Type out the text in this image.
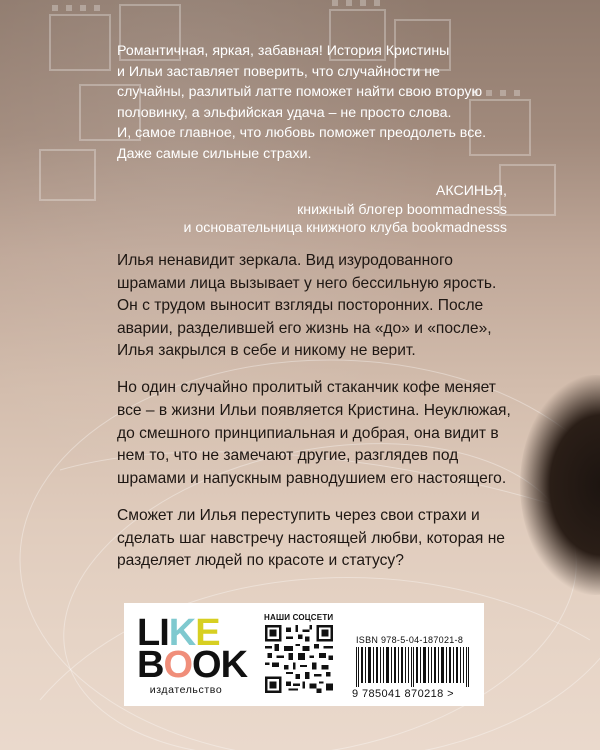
Романтичная, яркая, забавная! История Кристины

и Ильи заставляет поверить, что случайности не

случайны, разлитый латте поможет найти свою вторую

половинку, а эльфийская удача – не просто слова.

И, самое главное, что любовь поможет преодолеть все.

Даже самые сильные страхи.

АКСИНЬЯ,
книжный блогер boommadnesss
и основательница книжного клуба bookmadnesss

Илья ненавидит зеркала. Вид изуродованного шрамами лица вызывает у него бессильную ярость. Он с трудом выносит взгляды посторонних. После аварии, разделившей его жизнь на «до» и «после», Илья закрылся в себе и никому не верит.

Но один случайно пролитый стаканчик кофе меняет все – в жизни Ильи появляется Кристина. Неуклюжая, до смешного принципиальная и добрая, она видит в нем то, что не замечают другие, разглядев под шрамами и напускным равнодушием его настоящего.

Сможет ли Илья переступить через свои страхи и сделать шаг навстречу настоящей любви, которая не разделяет людей по красоте и статусу?

L I K E
B O O K
издательство
НАШИ СОЦСЕТИ
ISBN 978-5-04-187021-8
9 785041 870218 >
